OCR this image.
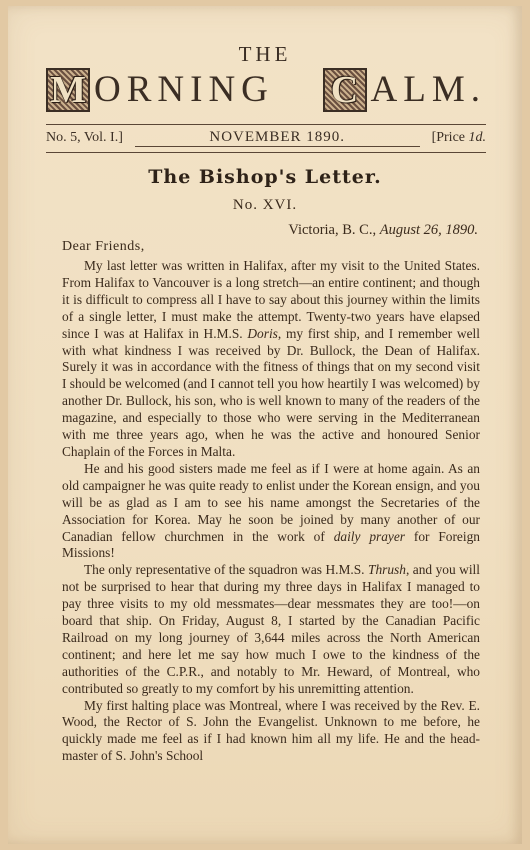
THE
M ORNING C ALM.
No. 5, Vol. I.]	NOVEMBER 1890.	[Price 1d.
The Bishop's Letter.
No. XVI.
Victoria, B. C., August 26, 1890.
Dear Friends,

My last letter was written in Halifax, after my visit to the United States. From Halifax to Vancouver is a long stretch—an entire continent; and though it is difficult to compress all I have to say about this journey within the limits of a single letter, I must make the attempt. Twenty-two years have elapsed since I was at Halifax in H.M.S. Doris, my first ship, and I remember well with what kindness I was received by Dr. Bullock, the Dean of Halifax. Surely it was in accordance with the fitness of things that on my second visit I should be welcomed (and I cannot tell you how heartily I was welcomed) by another Dr. Bullock, his son, who is well known to many of the readers of the magazine, and especially to those who were serving in the Mediterranean with me three years ago, when he was the active and honoured Senior Chaplain of the Forces in Malta.

He and his good sisters made me feel as if I were at home again. As an old campaigner he was quite ready to enlist under the Korean ensign, and you will be as glad as I am to see his name amongst the Secretaries of the Association for Korea. May he soon be joined by many another of our Canadian fellow churchmen in the work of daily prayer for Foreign Missions!

The only representative of the squadron was H.M.S. Thrush, and you will not be surprised to hear that during my three days in Halifax I managed to pay three visits to my old messmates—dear messmates they are too!—on board that ship. On Friday, August 8, I started by the Canadian Pacific Railroad on my long journey of 3,644 miles across the North American continent; and here let me say how much I owe to the kindness of the authorities of the C.P.R., and notably to Mr. Heward, of Montreal, who contributed so greatly to my comfort by his unremitting attention.

My first halting place was Montreal, where I was received by the Rev. E. Wood, the Rector of S. John the Evangelist. Unknown to me before, he quickly made me feel as if I had known him all my life. He and the head-master of S. John's School
